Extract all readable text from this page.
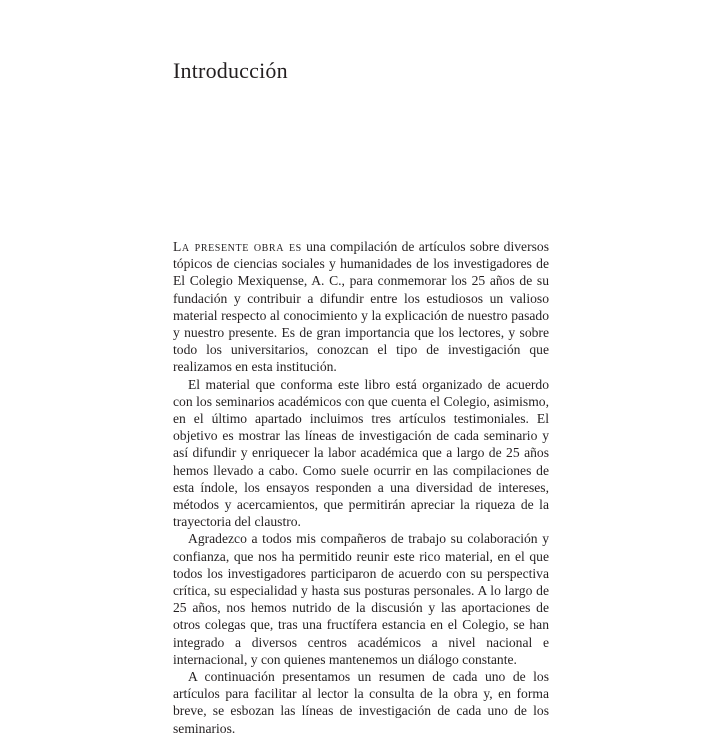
Introducción

La presente obra es una compilación de artículos sobre diversos tópicos de ciencias sociales y humanidades de los investigadores de El Colegio Mexiquense, A. C., para conmemorar los 25 años de su fundación y contribuir a difundir entre los estudiosos un valioso material respecto al conocimiento y la explicación de nuestro pasado y nuestro presente. Es de gran importancia que los lectores, y sobre todo los universitarios, conozcan el tipo de investigación que realizamos en esta institución.

El material que conforma este libro está organizado de acuerdo con los seminarios académicos con que cuenta el Colegio, asimismo, en el último apartado incluimos tres artículos testimoniales. El objetivo es mostrar las líneas de investigación de cada seminario y así difundir y enriquecer la labor académica que a largo de 25 años hemos llevado a cabo. Como suele ocurrir en las compilaciones de esta índole, los ensayos responden a una diversidad de intereses, métodos y acercamientos, que permitirán apreciar la riqueza de la trayectoria del claustro.

Agradezco a todos mis compañeros de trabajo su colaboración y confianza, que nos ha permitido reunir este rico material, en el que todos los investigadores participaron de acuerdo con su perspectiva crítica, su especialidad y hasta sus posturas personales. A lo largo de 25 años, nos hemos nutrido de la discusión y las aportaciones de otros colegas que, tras una fructífera estancia en el Colegio, se han integrado a diversos centros académicos a nivel nacional e internacional, y con quienes mantenemos un diálogo constante.

A continuación presentamos un resumen de cada uno de los artículos para facilitar al lector la consulta de la obra y, en forma breve, se esbozan las líneas de investigación de cada uno de los seminarios.
